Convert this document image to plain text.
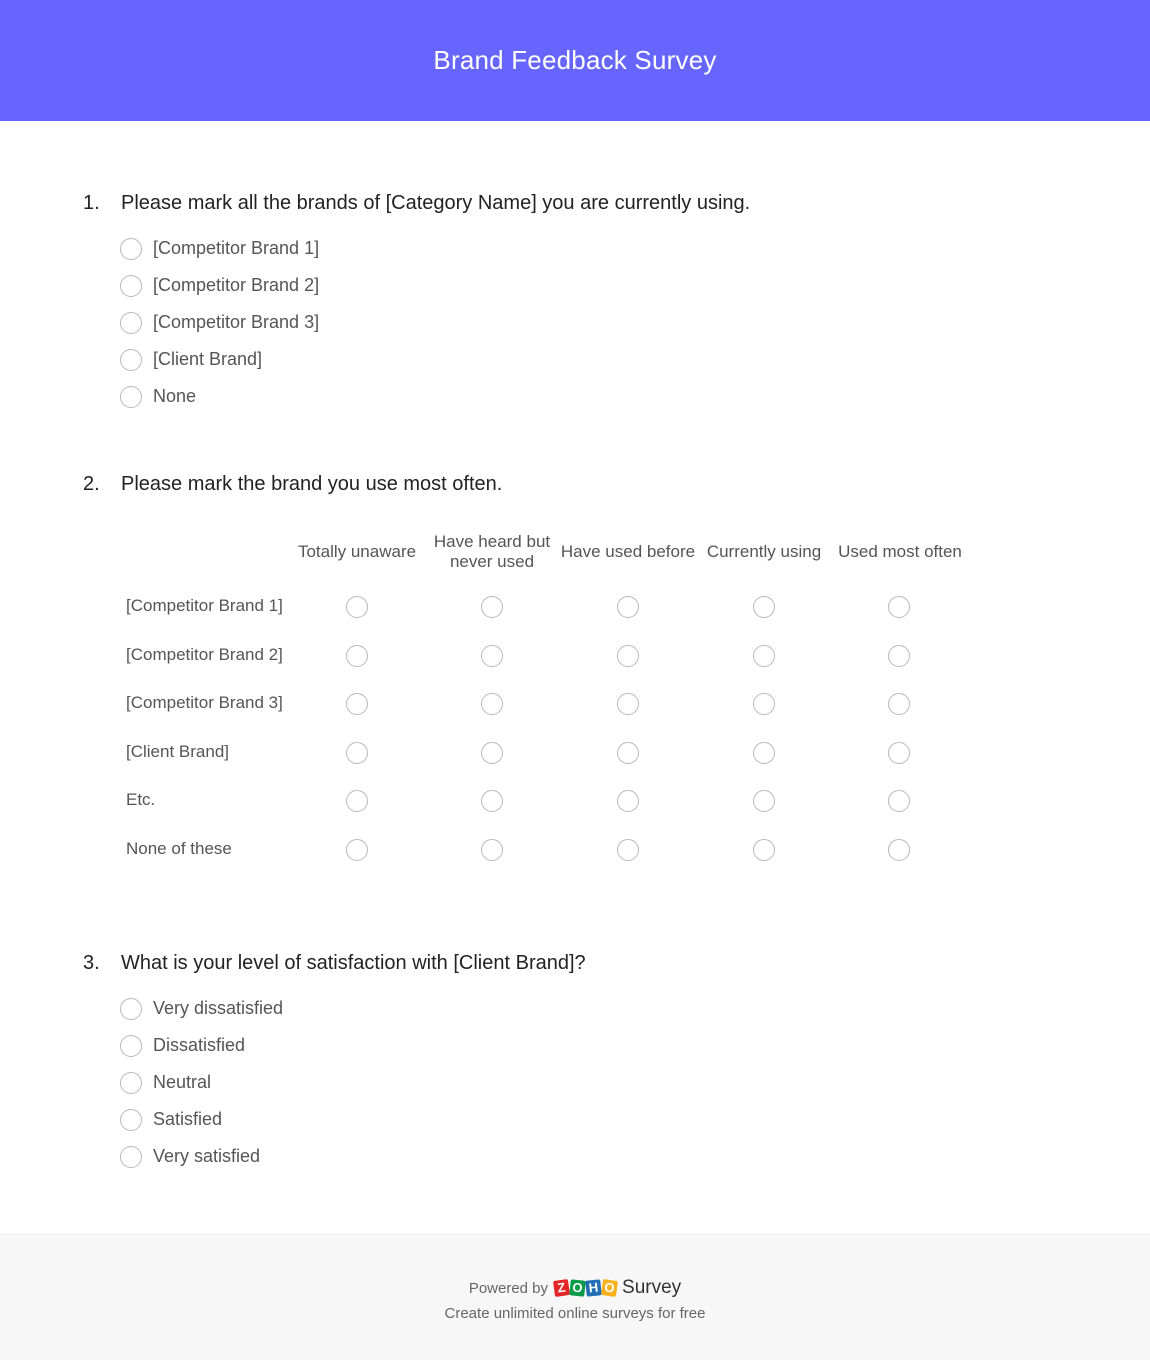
Brand Feedback Survey
1. Please mark all the brands of [Category Name] you are currently using.
[Competitor Brand 1]
[Competitor Brand 2]
[Competitor Brand 3]
[Client Brand]
None
2. Please mark the brand you use most often.
Totally unaware
Have heard but never used
Have used before Currently using Used most often
[Competitor Brand 1]
[Competitor Brand 2]
[Competitor Brand 3]
[Client Brand]
Etc.
None of these
3. What is your level of satisfaction with [Client Brand]?
Very dissatisfied
Dissatisfied
Neutral
Satisfied
Very satisfied
Powered by Z O H O Survey
Create unlimited online surveys for free
